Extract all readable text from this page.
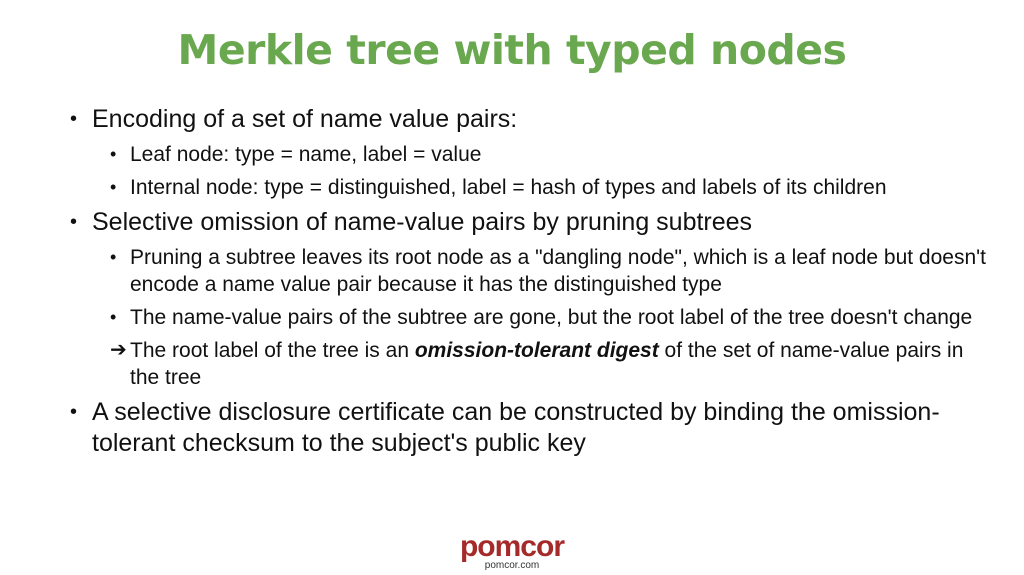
Merkle tree with typed nodes
• Encoding of a set of name value pairs:
• Leaf node: type = name, label = value
• Internal node: type = distinguished, label = hash of types and labels of its children
• Selective omission of name-value pairs by pruning subtrees
• Pruning a subtree leaves its root node as a "dangling node", which is a leaf node but doesn't encode a name value pair because it has the distinguished type
• The name-value pairs of the subtree are gone, but the root label of the tree doesn't change
➔ The root label of the tree is an omission-tolerant digest of the set of name-value pairs in the tree
• A selective disclosure certificate can be constructed by binding the omission-tolerant checksum to the subject's public key
pomcor
pomcor.com
